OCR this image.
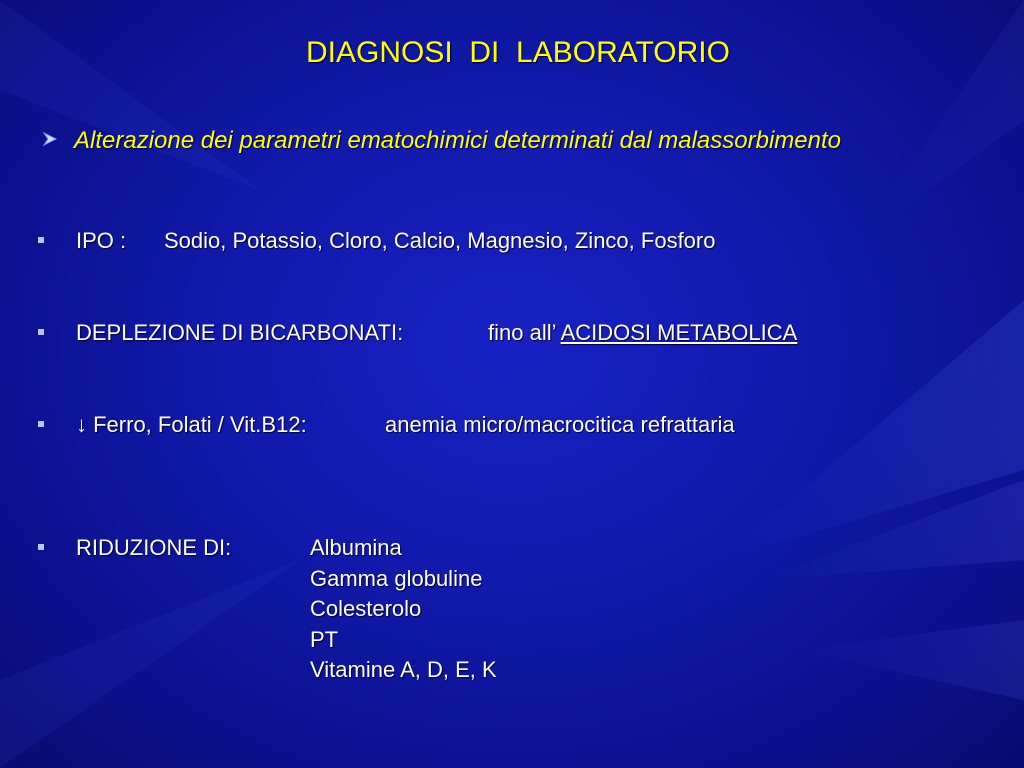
DIAGNOSI  DI  LABORATORIO
Alterazione dei parametri ematochimici determinati dal malassorbimento
IPO : Sodio, Potassio, Cloro, Calcio, Magnesio, Zinco, Fosforo
DEPLEZIONE DI BICARBONATI:	fino all’ ACIDOSI METABOLICA
↓ Ferro, Folati / Vit.B12:	anemia micro/macrocitica refrattaria
RIDUZIONE DI:	Albumina
Gamma globuline
Colesterolo
PT
Vitamine A, D, E, K
